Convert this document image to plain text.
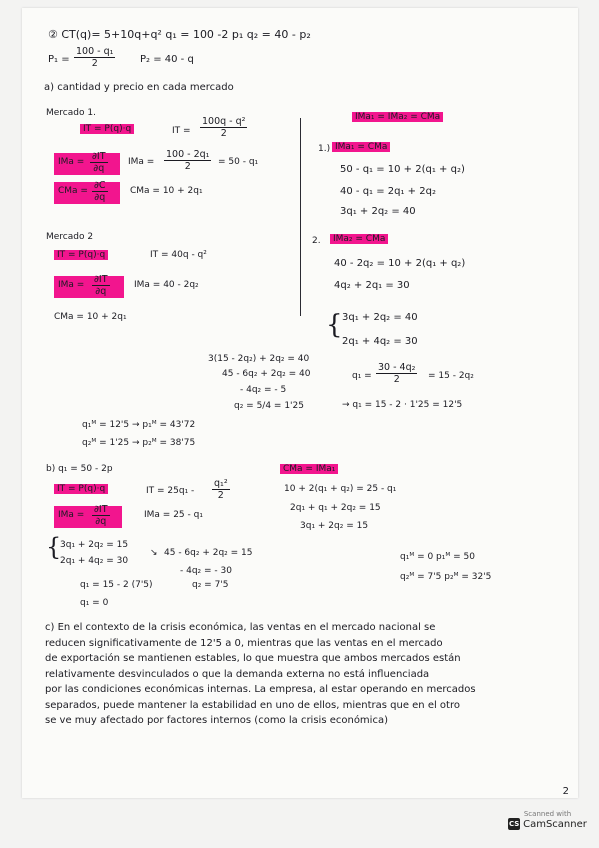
② CT(q)= 5+10q+q² q₁ = 100 -2 p₁ q₂ = 40 - p₂
$P_1 = \frac{\text{100 - q₁}}{2} P_2 = 40 - q$
a) cantidad y precio en cada mercado
Mercado 1.
IT = P(q)·q	IT = $\frac{\text{100q - q²}}{2}$
IMa = $\frac{\partial IT}{\partial q}$ IMa = $\frac{\text{100 - 2q₁}}{2} = 50 - q_1$
CMa = $\frac{\partial C}{\partial q}$ CMa = 10 + 2q₁
Mercado 2
IT = P(q)·q	IT = 40q - q²
IMa = $\frac{\partial IT}{\partial q}$	IMa = 40 - 2q₂
CMa = 10 + 2q₁
IMa₁ = IMa₂ = CMa
1.) IMa₁ = CMa
50 - q₁ = 10 + 2(q₁ + q₂)
40 - q₁ = 2q₁ + 2q₂
3q₁ + 2q₂ = 40
2.	IMa₂ = CMa
40 - 2q₂ = 10 + 2(q₁ + q₂)
4q₂ + 2q₁ = 30
{ 3q₁ + 2q₂ = 40
2q₁ + 4q₂ = 30
3(15 - 2q₂) + 2q₂ = 40
45 - 6q₂ + 2q₂ = 40
- 4q₂ = - 5
q₂ = 5/4 = 1'25
$q_1 = \frac{\text{30 - 4q₂}}{2} = 15 - 2q_2$
→ q₁ = 15 - 2 · 1'25 = 12'5
q₁ᴹ = 12'5 → p₁ᴹ = 43'72
q₂ᴹ = 1'25 → p₂ᴹ = 38'75
b) q₁ = 50 - 2p
IT = P(q)·q	IT = $25q_1 - \frac{\text{q₁²}}{2}$
IMa = $\frac{\partial IT}{\partial q}$	IMa = 25 - q₁
CMa = IMa₁
10 + 2(q₁ + q₂) = 25 - q₁
2q₁ + q₁ + 2q₂ = 15
3q₁ + 2q₂ = 15
{
3q₁ + 2q₂ = 15
2q₁ + 4q₂ = 30
↘ 45 - 6q₂ + 2q₂ = 15
- 4q₂ = - 30
q₂ = 7'5
q₁ = 15 - 2 (7'5)
q₁ = 0
q₁ᴹ = 0 p₁ᴹ = 50
q₂ᴹ = 7'5 p₂ᴹ = 32'5
c) En el contexto de la crisis económica, las ventas en el mercado nacional se
reducen significativamente de 12'5 a 0, mientras que las ventas en el mercado
de exportación se mantienen estables, lo que muestra que ambos mercados están
relativamente desvinculados o que la demanda externa no está influenciada
por las condiciones económicas internas. La empresa, al estar operando en mercados
separados, puede mantener la estabilidad en uno de ellos, mientras que en el otro
se ve muy afectado por factores internos (como la crisis económica)
2
Scanned with
CS CamScanner
